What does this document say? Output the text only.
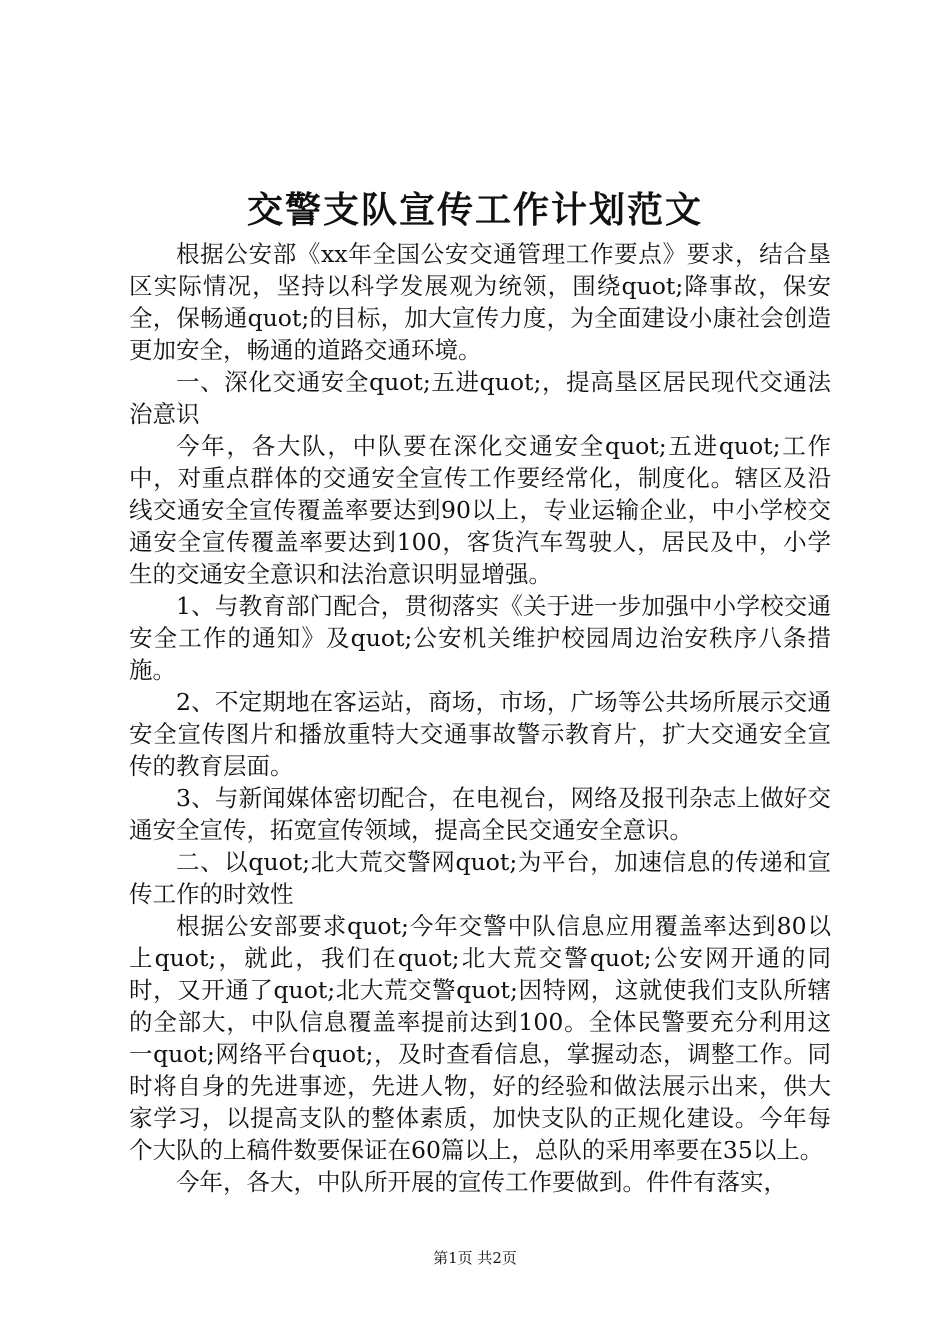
交警支队宣传工作计划范文

根据公安部《xx年全国公安交通管理工作要点》要求，结合垦区实际情况，坚持以科学发展观为统领，围绕quot;降事故，保安全，保畅通quot;的目标，加大宣传力度，为全面建设小康社会创造更加安全，畅通的道路交通环境。

一、深化交通安全quot;五进quot;，提高垦区居民现代交通法治意识

今年，各大队，中队要在深化交通安全quot;五进quot;工作中，对重点群体的交通安全宣传工作要经常化，制度化。辖区及沿线交通安全宣传覆盖率要达到90以上，专业运输企业，中小学校交通安全宣传覆盖率要达到100，客货汽车驾驶人，居民及中，小学生的交通安全意识和法治意识明显增强。

1、与教育部门配合，贯彻落实《关于进一步加强中小学校交通安全工作的通知》及quot;公安机关维护校园周边治安秩序八条措施。

2、不定期地在客运站，商场，市场，广场等公共场所展示交通安全宣传图片和播放重特大交通事故警示教育片，扩大交通安全宣传的教育层面。

3、与新闻媒体密切配合，在电视台，网络及报刊杂志上做好交通安全宣传，拓宽宣传领域，提高全民交通安全意识。

二、以quot;北大荒交警网quot;为平台，加速信息的传递和宣传工作的时效性

根据公安部要求quot;今年交警中队信息应用覆盖率达到80以上quot;，就此，我们在quot;北大荒交警quot;公安网开通的同时，又开通了quot;北大荒交警quot;因特网，这就使我们支队所辖的全部大，中队信息覆盖率提前达到100。全体民警要充分利用这一quot;网络平台quot;，及时查看信息，掌握动态，调整工作。同时将自身的先进事迹，先进人物，好的经验和做法展示出来，供大家学习，以提高支队的整体素质，加快支队的正规化建设。今年每个大队的上稿件数要保证在60篇以上，总队的采用率要在35以上。

今年，各大，中队所开展的宣传工作要做到。件件有落实，

第1页 共2页
